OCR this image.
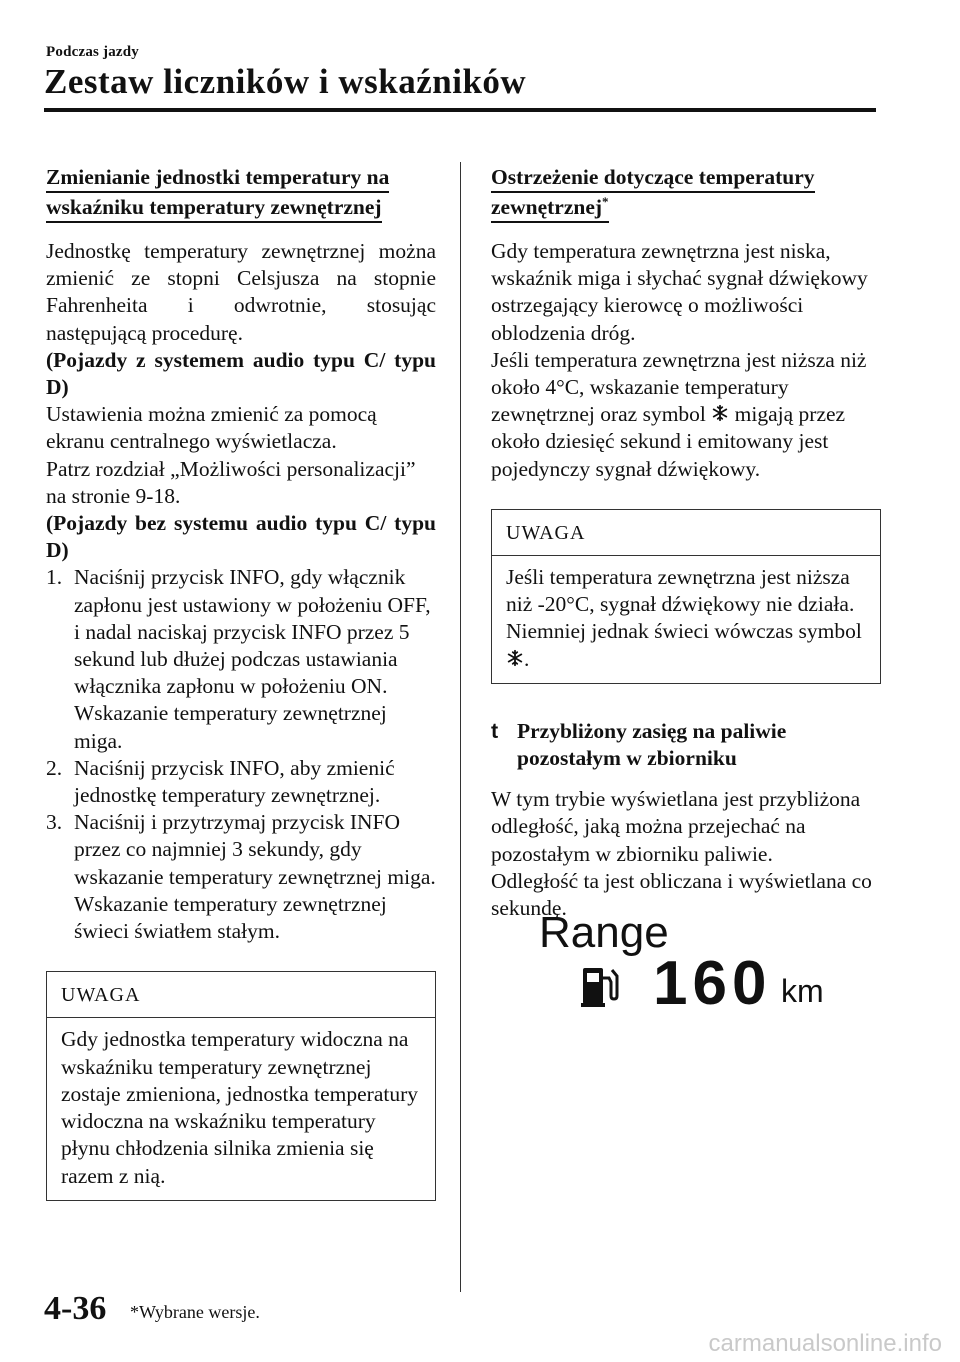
Podczas jazdy
Zestaw liczników i wskaźników
Zmienianie jednostki temperatury na
wskaźniku temperatury zewnętrznej

Jednostkę temperatury zewnętrznej można zmienić ze stopni Celsjusza na stopnie Fahrenheita i odwrotnie, stosując następującą procedurę.

(Pojazdy z systemem audio typu C/ typu D)

Ustawienia można zmienić za pomocą ekranu centralnego wyświetlacza.

Patrz rozdział „Możliwości personalizacji” na stronie 9-18.

(Pojazdy bez systemu audio typu C/ typu D)

1. Naciśnij przycisk INFO, gdy włącznik zapłonu jest ustawiony w położeniu OFF, i nadal naciskaj przycisk INFO przez 5 sekund lub dłużej podczas ustawiania włącznika zapłonu w położeniu ON. Wskazanie temperatury zewnętrznej miga.
2. Naciśnij przycisk INFO, aby zmienić jednostkę temperatury zewnętrznej.
3. Naciśnij i przytrzymaj przycisk INFO przez co najmniej 3 sekundy, gdy wskazanie temperatury zewnętrznej miga. Wskazanie temperatury zewnętrznej świeci światłem stałym.
UWAGA
Gdy jednostka temperatury widoczna na wskaźniku temperatury zewnętrznej zostaje zmieniona, jednostka temperatury widoczna na wskaźniku temperatury płynu chłodzenia silnika zmienia się razem z nią.
Ostrzeżenie dotyczące temperatury
zewnętrznej*

Gdy temperatura zewnętrzna jest niska, wskaźnik miga i słychać sygnał dźwiękowy ostrzegający kierowcę o możliwości oblodzenia dróg.

Jeśli temperatura zewnętrzna jest niższa niż około 4°C, wskazanie temperatury zewnętrznej oraz symbol migają przez około dziesięć sekund i emitowany jest pojedynczy sygnał dźwiękowy.

UWAGA
Jeśli temperatura zewnętrzna jest niższa niż -20°C, sygnał dźwiękowy nie działa. Niemniej jednak świeci wówczas symbol .
t Przybliżony zasięg na paliwie pozostałym w zbiorniku

W tym trybie wyświetlana jest przybliżona odległość, jaką można przejechać na pozostałym w zbiorniku paliwie.

Odległość ta jest obliczana i wyświetlana co sekundę.

Range
160 km
4-36 *Wybrane wersje.
carmanualsonline.info
